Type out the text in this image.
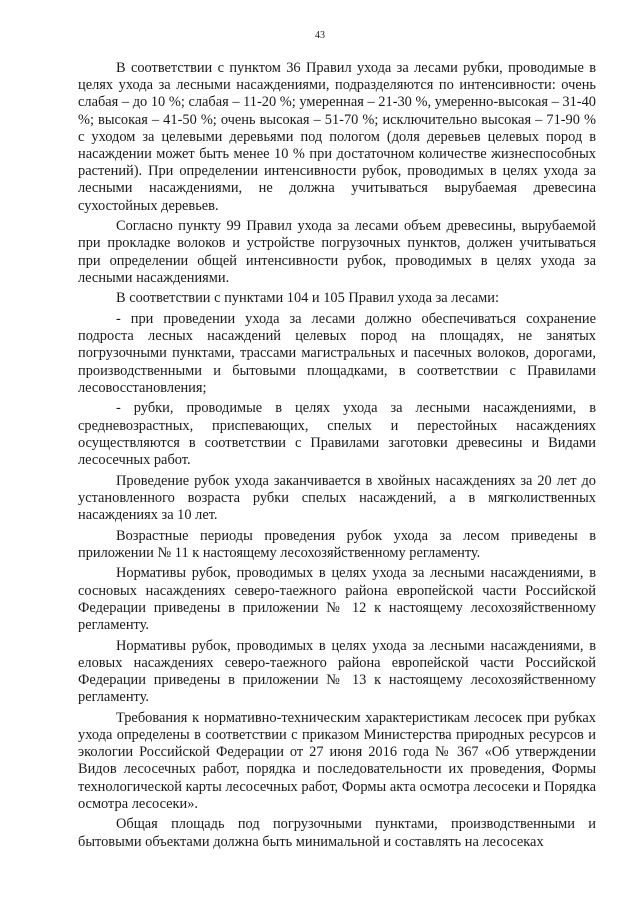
43

В соответствии с пунктом 36 Правил ухода за лесами рубки, проводимые в целях ухода за лесными насаждениями, подразделяются по интенсивности: очень слабая – до 10 %; слабая – 11-20 %; умеренная – 21-30 %, умеренно-высокая – 31-40 %; высокая – 41-50 %; очень высокая – 51-70 %; исключительно высокая – 71-90 % с уходом за целевыми деревьями под пологом (доля деревьев целевых пород в насаждении может быть менее 10 % при достаточном количестве жизнеспособных растений). При определении интенсивности рубок, проводимых в целях ухода за лесными насаждениями, не должна учитываться вырубаемая древесина сухостойных деревьев.

Согласно пункту 99 Правил ухода за лесами объем древесины, вырубаемой при прокладке волоков и устройстве погрузочных пунктов, должен учитываться при определении общей интенсивности рубок, проводимых в целях ухода за лесными насаждениями.

В соответствии с пунктами 104 и 105 Правил ухода за лесами:

- при проведении ухода за лесами должно обеспечиваться сохранение подроста лесных насаждений целевых пород на площадях, не занятых погрузочными пунктами, трассами магистральных и пасечных волоков, дорогами, производственными и бытовыми площадками, в соответствии с Правилами лесовосстановления;

- рубки, проводимые в целях ухода за лесными насаждениями, в средневозрастных, приспевающих, спелых и перестойных насаждениях осуществляются в соответствии с Правилами заготовки древесины и Видами лесосечных работ.

Проведение рубок ухода заканчивается в хвойных насаждениях за 20 лет до установленного возраста рубки спелых насаждений, а в мягколиственных насаждениях за 10 лет.

Возрастные периоды проведения рубок ухода за лесом приведены в приложении № 11 к настоящему лесохозяйственному регламенту.

Нормативы рубок, проводимых в целях ухода за лесными насаждениями, в сосновых насаждениях северо-таежного района европейской части Российской Федерации приведены в приложении № 12 к настоящему лесохозяйственному регламенту.

Нормативы рубок, проводимых в целях ухода за лесными насаждениями, в еловых насаждениях северо-таежного района европейской части Российской Федерации приведены в приложении № 13 к настоящему лесохозяйственному регламенту.

Требования к нормативно-техническим характеристикам лесосек при рубках ухода определены в соответствии с приказом Министерства природных ресурсов и экологии Российской Федерации от 27 июня 2016 года № 367 «Об утверждении Видов лесосечных работ, порядка и последовательности их проведения, Формы технологической карты лесосечных работ, Формы акта осмотра лесосеки и Порядка осмотра лесосеки».

Общая площадь под погрузочными пунктами, производственными и бытовыми объектами должна быть минимальной и составлять на лесосеках
